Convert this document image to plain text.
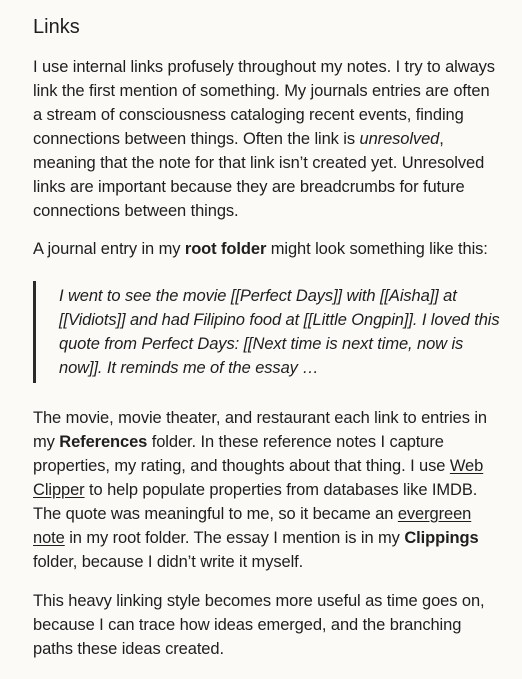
Links

I use internal links profusely throughout my notes. I try to always link the first mention of something. My journals entries are often a stream of consciousness cataloging recent events, finding connections between things. Often the link is unresolved, meaning that the note for that link isn’t created yet. Unresolved links are important because they are breadcrumbs for future connections between things.

A journal entry in my root folder might look something like this:

I went to see the movie [[Perfect Days]] with [[Aisha]] at [[Vidiots]] and had Filipino food at [[Little Ongpin]]. I loved this quote from Perfect Days: [[Next time is next time, now is now]]. It reminds me of the essay …

The movie, movie theater, and restaurant each link to entries in my References folder. In these reference notes I capture properties, my rating, and thoughts about that thing. I use Web Clipper to help populate properties from databases like IMDB. The quote was meaningful to me, so it became an evergreen note in my root folder. The essay I mention is in my Clippings folder, because I didn’t write it myself.

This heavy linking style becomes more useful as time goes on, because I can trace how ideas emerged, and the branching paths these ideas created.
